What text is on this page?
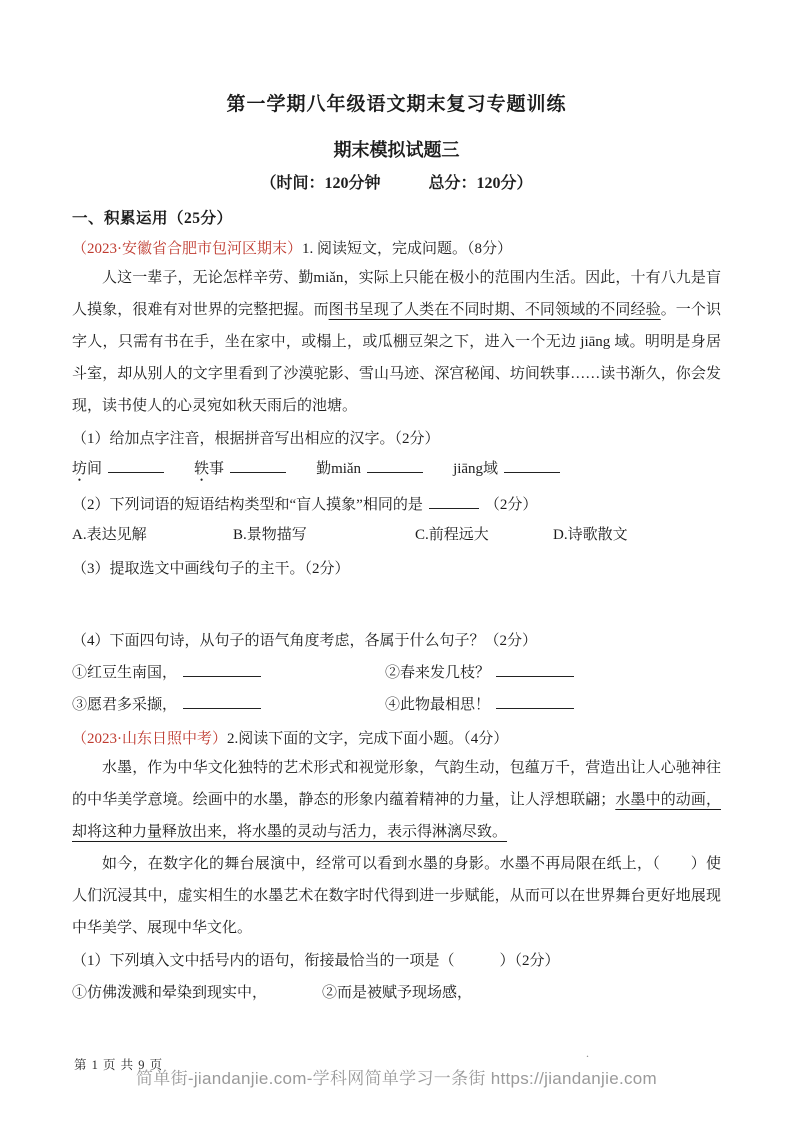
第一学期八年级语文期末复习专题训练
期末模拟试题三
（时间：120分钟　　　总分：120分）
一、积累运用（25分）
（2023·安徽省合肥市包河区期末）1. 阅读短文，完成问题。（8分）

人这一辈子，无论怎样辛劳、勤miǎn，实际上只能在极小的范围内生活。因此，十有八九是盲人摸象，很难有对世界的完整把握。而图书呈现了人类在不同时期、不同领域的不同经验。一个识字人，只需有书在手，坐在家中，或榻上，或瓜棚豆架之下，进入一个无边 jiāng 域。明明是身居斗室，却从别人的文字里看到了沙漠驼影、雪山马迹、深宫秘闻、坊间轶事……读书渐久，你会发现，读书使人的心灵宛如秋天雨后的池塘。

（1）给加点字注音，根据拼音写出相应的汉字。（2分）
坊间	轶事	勤miǎn	jiāng域
（2）下列词语的短语结构类型和“盲人摸象”相同的是	（2分）
A.表达见解	B.景物描写	C.前程远大	D.诗歌散文
（3）提取选文中画线句子的主干。（2分）
（4）下面四句诗，从句子的语气角度考虑，各属于什么句子？（2分）
①红豆生南国，	②春来发几枝？
③愿君多采撷，	④此物最相思！
（2023·山东日照中考）2.阅读下面的文字，完成下面小题。（4分）

水墨，作为中华文化独特的艺术形式和视觉形象，气韵生动，包蕴万千，营造出让人心驰神往的中华美学意境。绘画中的水墨，静态的形象内蕴着精神的力量，让人浮想联翩；水墨中的动画，却将这种力量释放出来，将水墨的灵动与活力，表示得淋漓尽致。

如今，在数字化的舞台展演中，经常可以看到水墨的身影。水墨不再局限在纸上，（　　）使人们沉浸其中，虚实相生的水墨艺术在数字时代得到进一步赋能，从而可以在世界舞台更好地展现中华美学、展现中华文化。

（1）下列填入文中括号内的语句，衔接最恰当的一项是（　　　）（2分）
①仿佛泼溅和晕染到现实中，	②而是被赋予现场感，
.
第 1 页 共 9 页
简单街-jiandanjie.com-学科网简单学习一条街 https://jiandanjie.com
